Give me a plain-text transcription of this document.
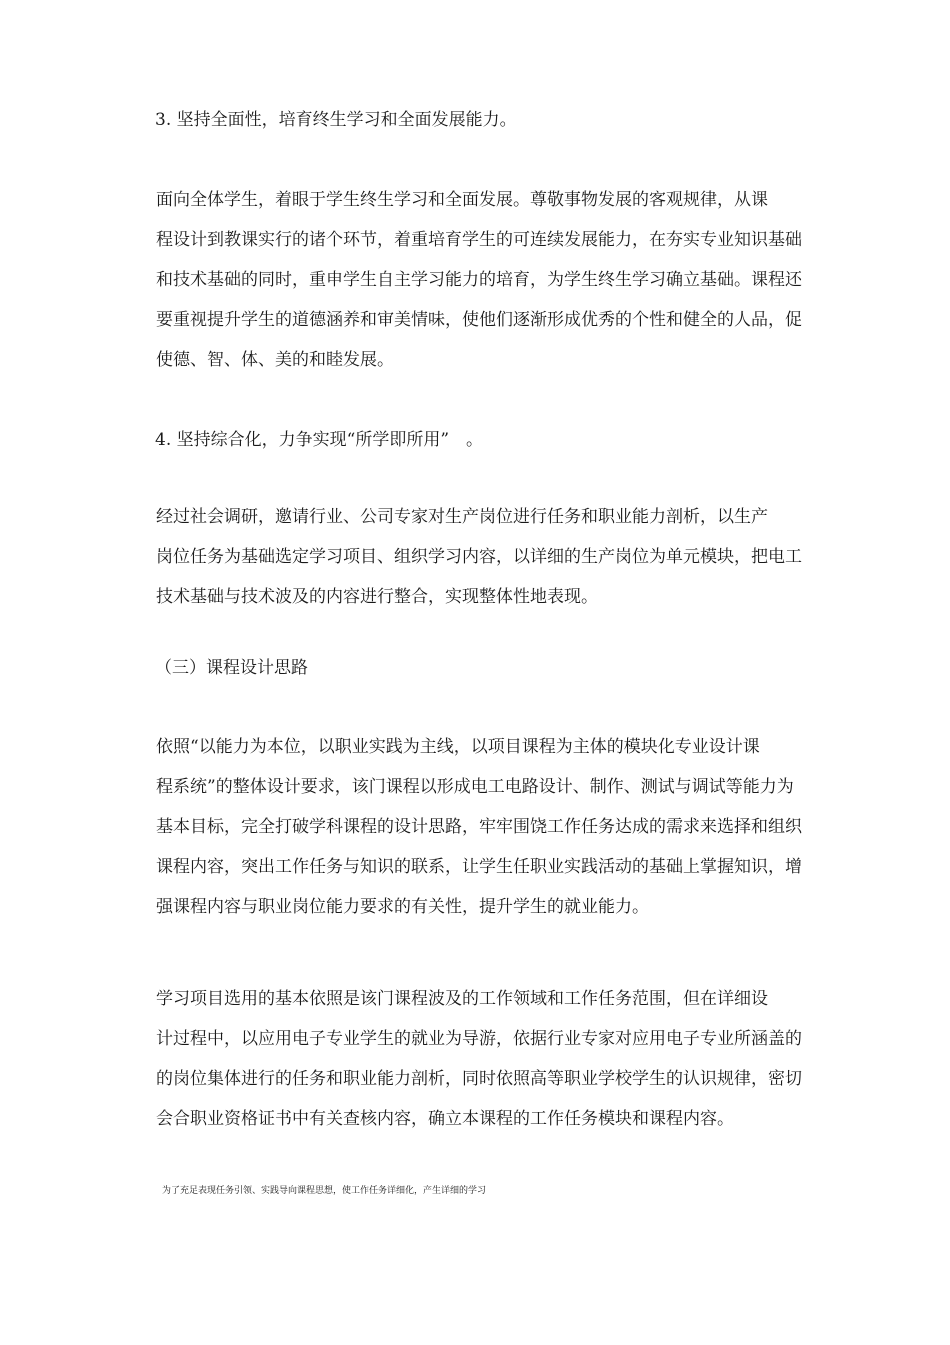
3. 坚持全面性，培育终生学习和全面发展能力。
面向全体学生，着眼于学生终生学习和全面发展。尊敬事物发展的客观规律，从课
程设计到教课实行的诸个环节，着重培育学生的可连续发展能力，在夯实专业知识基础
和技术基础的同时，重申学生自主学习能力的培育，为学生终生学习确立基础。课程还
要重视提升学生的道德涵养和审美情味，使他们逐渐形成优秀的个性和健全的人品，促
使德、智、体、美的和睦发展。
4. 坚持综合化，力争实现“所学即所用”　。
经过社会调研，邀请行业、公司专家对生产岗位进行任务和职业能力剖析，以生产
岗位任务为基础选定学习项目、组织学习内容，以详细的生产岗位为单元模块，把电工
技术基础与技术波及的内容进行整合，实现整体性地表现。
（三）课程设计思路
依照“以能力为本位，以职业实践为主线，以项目课程为主体的模块化专业设计课
程系统”的整体设计要求，该门课程以形成电工电路设计、制作、测试与调试等能力为
基本目标，完全打破学科课程的设计思路，牢牢围饶工作任务达成的需求来选择和组织
课程内容，突出工作任务与知识的联系，让学生任职业实践活动的基础上掌握知识，增
强课程内容与职业岗位能力要求的有关性，提升学生的就业能力。
学习项目选用的基本依照是该门课程波及的工作领域和工作任务范围，但在详细设
计过程中，以应用电子专业学生的就业为导游，依据行业专家对应用电子专业所涵盖的
的岗位集体进行的任务和职业能力剖析，同时依照高等职业学校学生的认识规律，密切
会合职业资格证书中有关查核内容，确立本课程的工作任务模块和课程内容。
为了充足表现任务引领、实践导向课程思想，使工作任务详细化，产生详细的学习
